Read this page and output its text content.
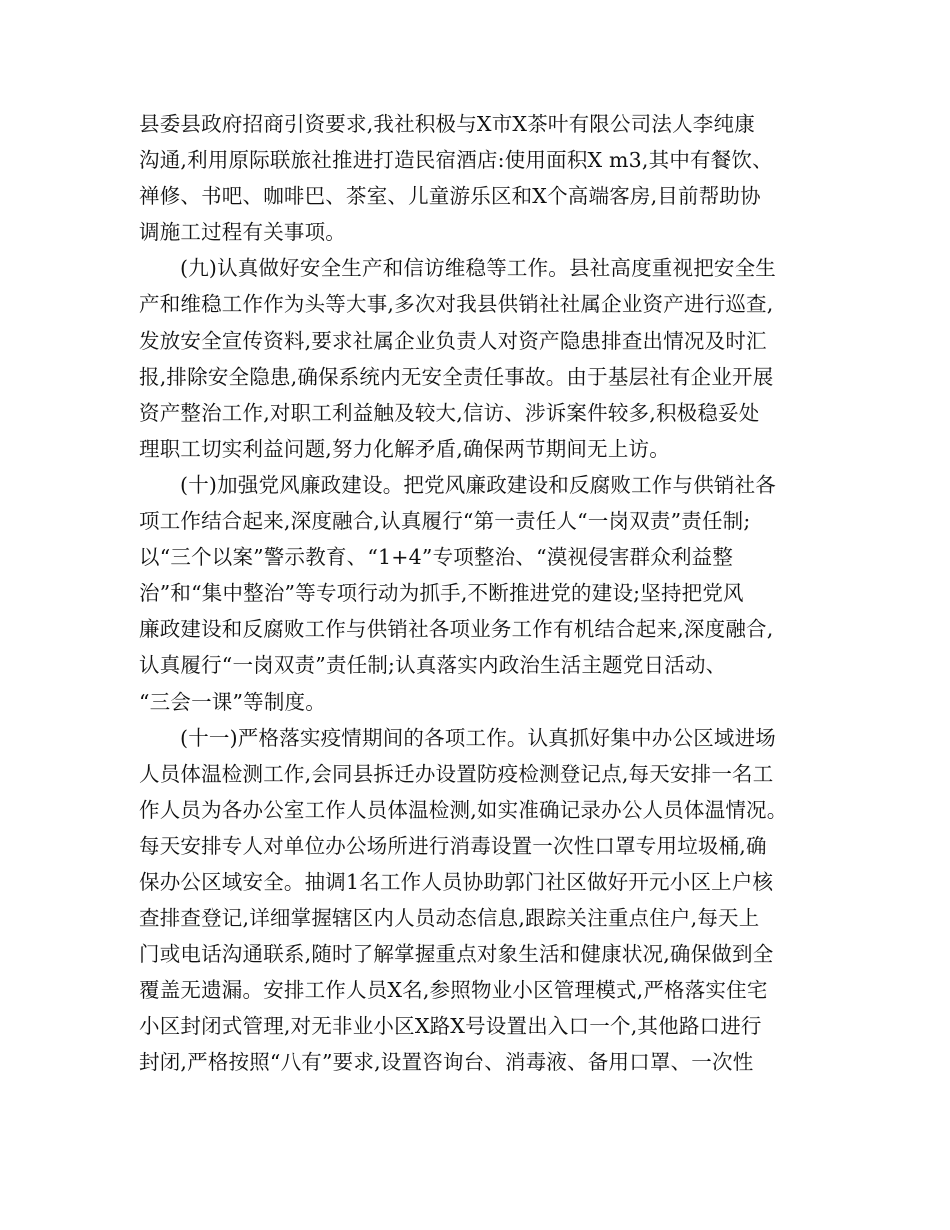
县委县政府招商引资要求,我社积极与X市X茶叶有限公司法人李纯康
沟通,利用原际联旅社推进打造民宿酒店:使用面积X m3,其中有餐饮、
禅修、书吧、咖啡巴、茶室、儿童游乐区和X个高端客房,目前帮助协
调施工过程有关事项。
(九)认真做好安全生产和信访维稳等工作。县社高度重视把安全生
产和维稳工作作为头等大事,多次对我县供销社社属企业资产进行巡查,
发放安全宣传资料,要求社属企业负责人对资产隐患排查出情况及时汇
报,排除安全隐患,确保系统内无安全责任事故。由于基层社有企业开展
资产整治工作,对职工利益触及较大,信访、涉诉案件较多,积极稳妥处
理职工切实利益问题,努力化解矛盾,确保两节期间无上访。
(十)加强党风廉政建设。把党风廉政建设和反腐败工作与供销社各
项工作结合起来,深度融合,认真履行“第一责任人“一岗双责”责任制;
以“三个以案”警示教育、“1+4”专项整治、“漠视侵害群众利益整
治”和“集中整治”等专项行动为抓手,不断推进党的建设;坚持把党风
廉政建设和反腐败工作与供销社各项业务工作有机结合起来,深度融合,
认真履行“一岗双责”责任制;认真落实内政治生活主题党日活动、
“三会一课”等制度。
(十一)严格落实疫情期间的各项工作。认真抓好集中办公区域进场
人员体温检测工作,会同县拆迁办设置防疫检测登记点,每天安排一名工
作人员为各办公室工作人员体温检测,如实准确记录办公人员体温情况。
每天安排专人对单位办公场所进行消毒设置一次性口罩专用垃圾桶,确
保办公区域安全。抽调1名工作人员协助郭门社区做好开元小区上户核
查排查登记,详细掌握辖区内人员动态信息,跟踪关注重点住户,每天上
门或电话沟通联系,随时了解掌握重点对象生活和健康状况,确保做到全
覆盖无遗漏。安排工作人员X名,参照物业小区管理模式,严格落实住宅
小区封闭式管理,对无非业小区X路X号设置出入口一个,其他路口进行
封闭,严格按照“八有”要求,设置咨询台、消毒液、备用口罩、一次性
